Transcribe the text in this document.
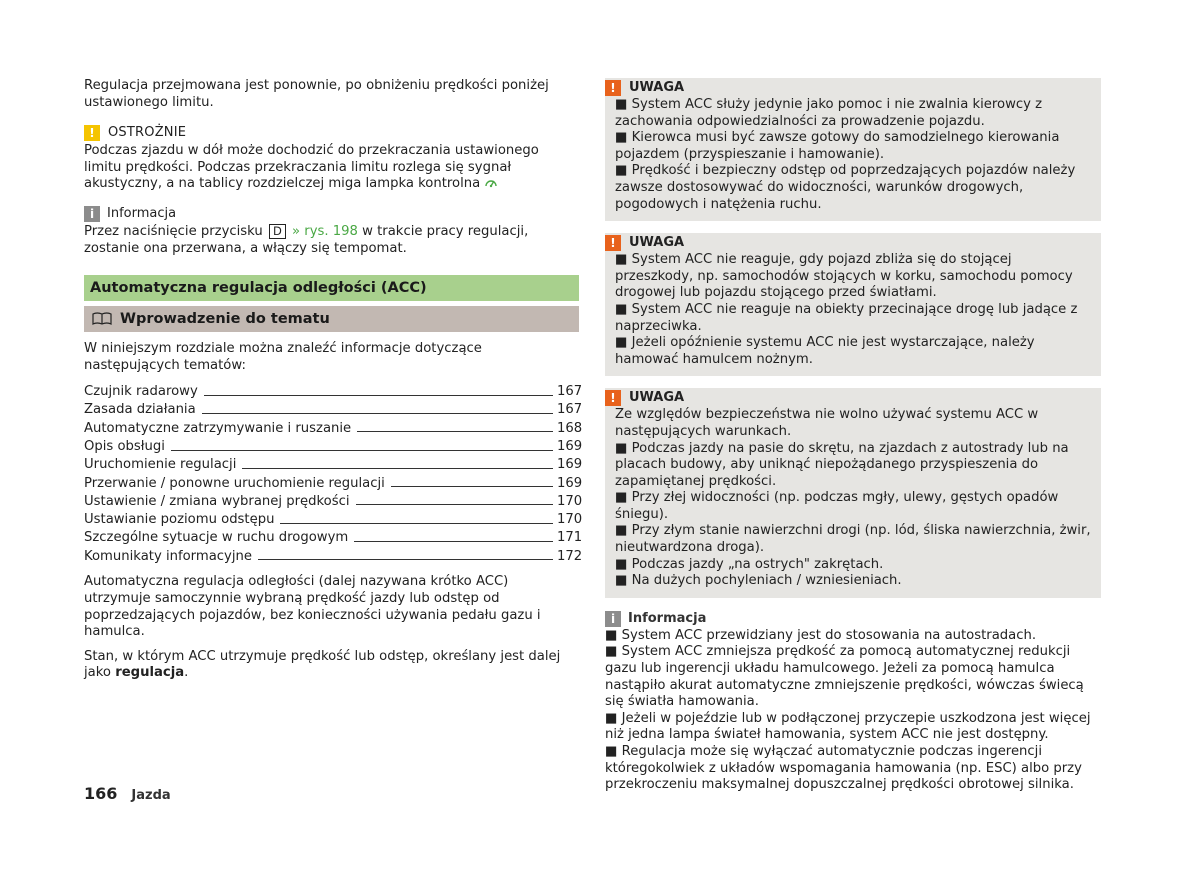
Regulacja przejmowana jest ponownie, po obniżeniu prędkości poniżej ustawionego limitu.

!	OSTROŻNIE

Podczas zjazdu w dół może dochodzić do przekraczania ustawionego limitu prędkości. Podczas przekraczania limitu rozlega się sygnał akustyczny, a na tablicy rozdzielczej miga lampka kontrolna

i Informacja

Przez naciśnięcie przycisku D » rys. 198 w trakcie pracy regulacji, zostanie ona przerwana, a włączy się tempomat.

Automatyczna regulacja odległości (ACC)
Wprowadzenie do tematu

W niniejszym rozdziale można znaleźć informacje dotyczące następujących tematów:

Czujnik radarowy	167
Zasada działania	167
Automatyczne zatrzymywanie i ruszanie	168
Opis obsługi	169
Uruchomienie regulacji	169
Przerwanie / ponowne uruchomienie regulacji	169
Ustawienie / zmiana wybranej prędkości	170
Ustawianie poziomu odstępu	170
Szczególne sytuacje w ruchu drogowym	171
Komunikaty informacyjne	172

Automatyczna regulacja odległości (dalej nazywana krótko ACC) utrzymuje samoczynnie wybraną prędkość jazdy lub odstęp od poprzedzających pojazdów, bez konieczności używania pedału gazu i hamulca.

Stan, w którym ACC utrzymuje prędkość lub odstęp, określany jest dalej jako regulacja.

!	UWAGA

■ System ACC służy jedynie jako pomoc i nie zwalnia kierowcy z zachowania odpowiedzialności za prowadzenie pojazdu.

■ Kierowca musi być zawsze gotowy do samodzielnego kierowania pojazdem (przyspieszanie i hamowanie).

■ Prędkość i bezpieczny odstęp od poprzedzających pojazdów należy zawsze dostosowywać do widoczności, warunków drogowych, pogodowych i natężenia ruchu.

!	UWAGA

■ System ACC nie reaguje, gdy pojazd zbliża się do stojącej przeszkody, np. samochodów stojących w korku, samochodu pomocy drogowej lub pojazdu stojącego przed światłami.

■ System ACC nie reaguje na obiekty przecinające drogę lub jadące z naprzeciwka.

■ Jeżeli opóźnienie systemu ACC nie jest wystarczające, należy hamować hamulcem nożnym.

!	UWAGA

Ze względów bezpieczeństwa nie wolno używać systemu ACC w następujących warunkach.

■ Podczas jazdy na pasie do skrętu, na zjazdach z autostrady lub na placach budowy, aby uniknąć niepożądanego przyspieszenia do zapamiętanej prędkości.

■ Przy złej widoczności (np. podczas mgły, ulewy, gęstych opadów śniegu).

■ Przy złym stanie nawierzchni drogi (np. lód, śliska nawierzchnia, żwir, nieutwardzona droga).

■ Podczas jazdy „na ostrych" zakrętach.

■ Na dużych pochyleniach / wzniesieniach.

i Informacja

■ System ACC przewidziany jest do stosowania na autostradach.

■ System ACC zmniejsza prędkość za pomocą automatycznej redukcji gazu lub ingerencji układu hamulcowego. Jeżeli za pomocą hamulca nastąpiło akurat automatyczne zmniejszenie prędkości, wówczas świecą się światła hamowania.

■ Jeżeli w pojeździe lub w podłączonej przyczepie uszkodzona jest więcej niż jedna lampa świateł hamowania, system ACC nie jest dostępny.

■ Regulacja może się wyłączać automatycznie podczas ingerencji któregokolwiek z układów wspomagania hamowania (np. ESC) albo przy przekroczeniu maksymalnej dopuszczalnej prędkości obrotowej silnika.

166 Jazda
